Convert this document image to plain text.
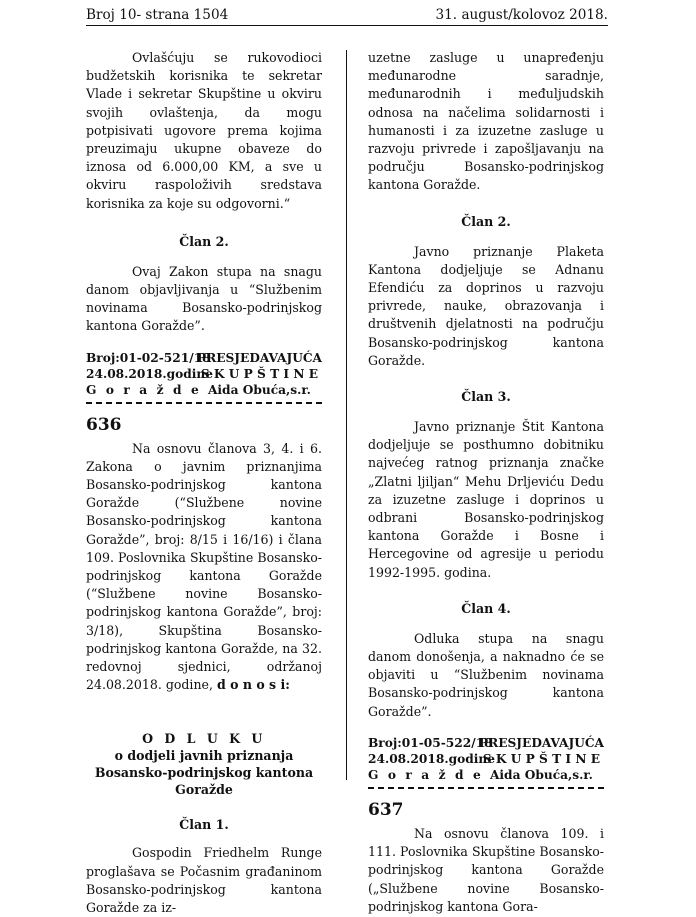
Broj 10- strana 1504	31. august/kolovoz 2018.

Ovlašćuju se rukovodioci budžetskih korisnika te sekretar Vlade i sekretar Skupštine u okviru svojih ovlaštenja, da mogu potpisivati ugovore prema kojima preuzimaju ukupne obaveze do iznosa od 6.000,00 KM, a sve u okviru raspoloživih sredstava korisnika za koje su odgovorni.“

Član 2.

Ovaj Zakon stupa na snagu danom objavljivanja u “Službenim novinama Bosansko-podrinjskog kantona Goražde”.

Broj:01-02-521/18
24.08.2018.godine
G o r a ž d e
PRESJEDAVAJUĆA
S K U P Š T I N E
Aida Obuća,s.r.
636

Na osnovu članova 3, 4. i 6. Zakona o javnim priznanjima Bosansko-podrinjskog kantona Goražde (“Službene novine Bosansko-podrinjskog kantona Goražde”, broj: 8/15 i 16/16) i člana 109. Poslovnika Skupštine Bosansko-podrinjskog kantona Goražde (“Službene novine Bosansko-podrinjskog kantona Goražde”, broj: 3/18), Skupština Bosansko-podrinjskog kantona Goražde, na 32. redovnoj sjednici, održanoj 24.08.2018. godine, d o n o s i:

O D L U K U
o dodjeli javnih priznanja Bosansko-podrinjskog kantona Goražde
Član 1.

Gospodin Friedhelm Runge proglašava se Počasnim građaninom Bosansko-podrinjskog kantona Goražde za iz-

uzetne zasluge u unapređenju međunarodne saradnje, međunarodnih i međuljudskih odnosa na načelima solidarnosti i humanosti i za izuzetne zasluge u razvoju privrede i zapošljavanju na području Bosansko-podrinjskog kantona Goražde.

Član 2.

Javno priznanje Plaketa Kantona dodjeljuje se Adnanu Efendiću za doprinos u razvoju privrede, nauke, obrazovanja i društvenih djelatnosti na području Bosansko-podrinjskog kantona Goražde.

Član 3.

Javno priznanje Štit Kantona dodjeljuje se posthumno dobitniku najvećeg ratnog priznanja značke „Zlatni ljiljan“ Mehu Drljeviću Dedu za izuzetne zasluge i doprinos u odbrani Bosansko-podrinjskog kantona Goražde i Bosne i Hercegovine od agresije u periodu 1992-1995. godina.

Član 4.

Odluka stupa na snagu danom donošenja, a naknadno će se objaviti u “Službenim novinama Bosansko-podrinjskog kantona Goražde”.

Broj:01-05-522/18
24.08.2018.godine
G o r a ž d e
PRESJEDAVAJUĆA
S K U P Š T I N E
Aida Obuća,s.r.
637

Na osnovu članova 109. i 111. Poslovnika Skupštine Bosansko-podrinjskog kantona Goražde („Službene novine Bosansko-podrinjskog kantona Gora-
